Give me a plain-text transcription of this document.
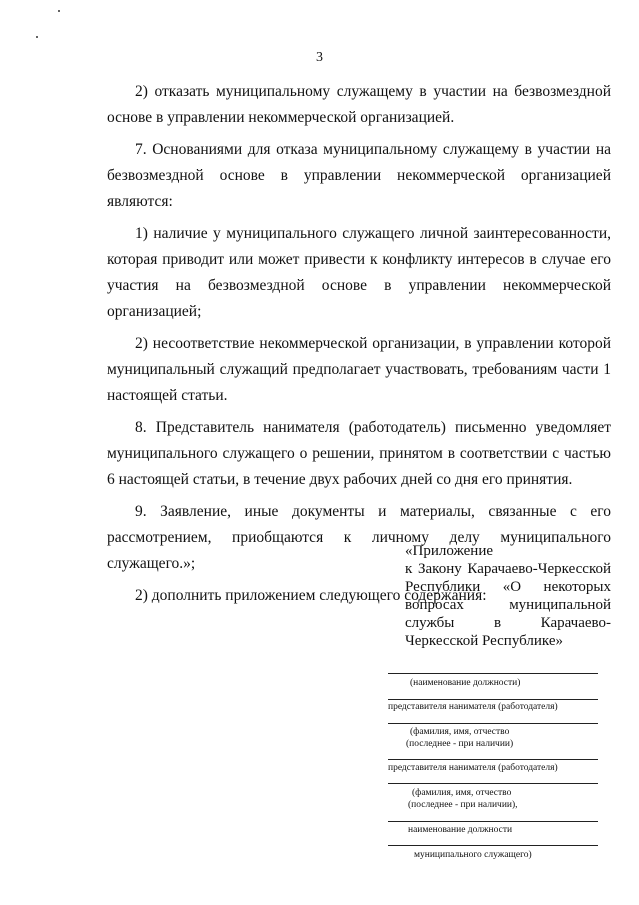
3

2) отказать муниципальному служащему в участии на безвозмездной основе в управлении некоммерческой организацией.

7. Основаниями для отказа муниципальному служащему в участии на безвозмездной основе в управлении некоммерческой организацией являются:

1) наличие у муниципального служащего личной заинтересованности, которая приводит или может привести к конфликту интересов в случае его участия на безвозмездной основе в управлении некоммерческой организацией;

2) несоответствие некоммерческой организации, в управлении которой муниципальный служащий предполагает участвовать, требованиям части 1 настоящей статьи.

8. Представитель нанимателя (работодатель) письменно уведомляет муниципального служащего о решении, принятом в соответствии с частью 6 настоящей статьи, в течение двух рабочих дней со дня его принятия.

9. Заявление, иные документы и материалы, связанные с его рассмотрением, приобщаются к личному делу муниципального служащего.»;

2) дополнить приложением следующего содержания:

«Приложение
к Закону Карачаево-Черкесской Республики «О некоторых вопросах муниципальной службы в Карачаево-Черкесской Республике»
(наименование должности)
представителя нанимателя (работодателя)
(фамилия, имя, отчество
(последнее - при наличии)
представителя нанимателя (работодателя)
(фамилия, имя, отчество
(последнее - при наличии),
наименование должности
муниципального служащего)
